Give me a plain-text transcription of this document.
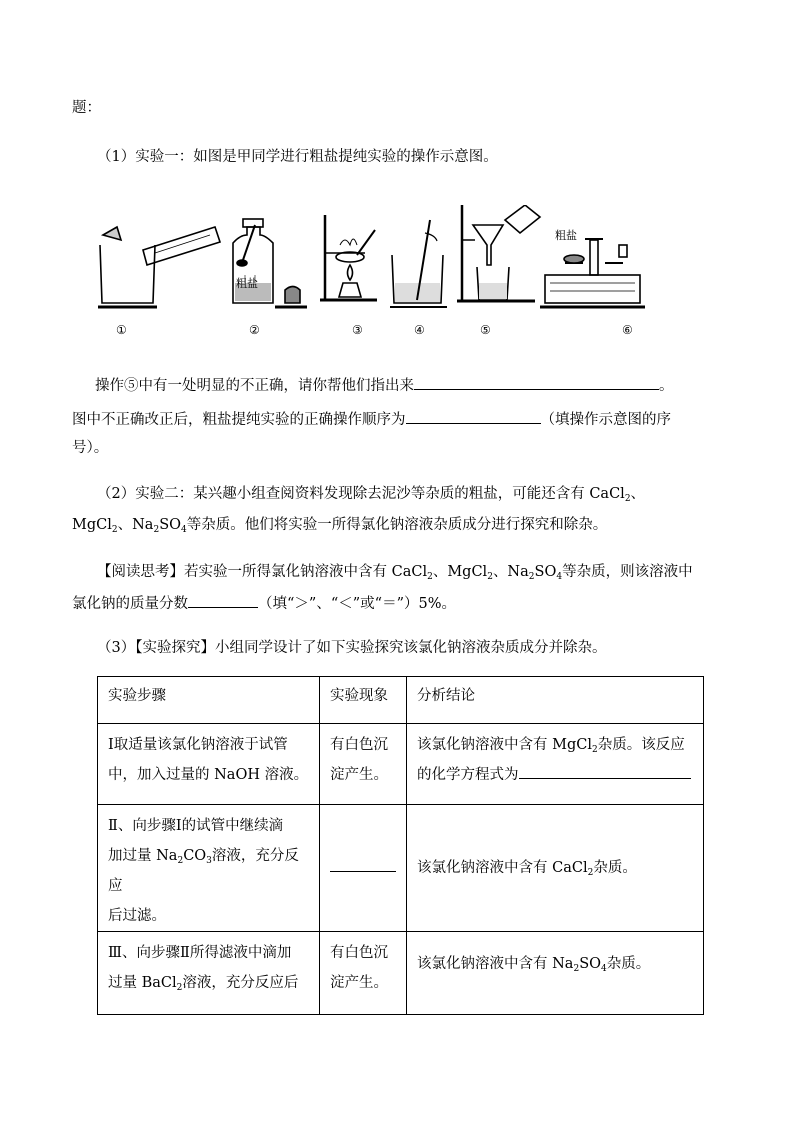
题：
（1）实验一：如图是甲同学进行粗盐提纯实验的操作示意图。
粗盐
粗盐
①	②	③	④	⑤	⑥
操作⑤中有一处明显的不正确，请你帮他们指出来	。
图中不正确改正后，粗盐提纯实验的正确操作顺序为	（填操作示意图的序
号）。
（2）实验二：某兴趣小组查阅资料发现除去泥沙等杂质的粗盐，可能还含有 CaCl$_2$、
MgCl$_2$、$Na_2SO_4$等杂质。他们将实验一所得氯化钠溶液杂质成分进行探究和除杂。
【阅读思考】若实验一所得氯化钠溶液中含有 CaCl$_2$、MgCl$_2$、$Na_2SO_4$等杂质，则该溶液中
氯化钠的质量分数	（填“＞”、“＜”或“＝”）5%。
（3）【实验探究】小组同学设计了如下实验探究该氯化钠溶液杂质成分并除杂。
实验步骤	实验现象	分析结论

Ⅰ取适量该氯化钠溶液于试管
中，加入过量的 NaOH 溶液。	有白色沉
淀产生。	该氯化钠溶液中含有 MgCl$_2$杂质。该反应
的化学方程式为

Ⅱ、向步骤Ⅰ的试管中继续滴
加过量 $Na_2CO_3$溶液，充分反应
后过滤。		该氯化钠溶液中含有 CaCl$_2$杂质。

Ⅲ、向步骤Ⅱ所得滤液中滴加
过量 BaCl$_2$溶液，充分反应后	有白色沉
淀产生。	该氯化钠溶液中含有 $Na_2SO_4$杂质。
